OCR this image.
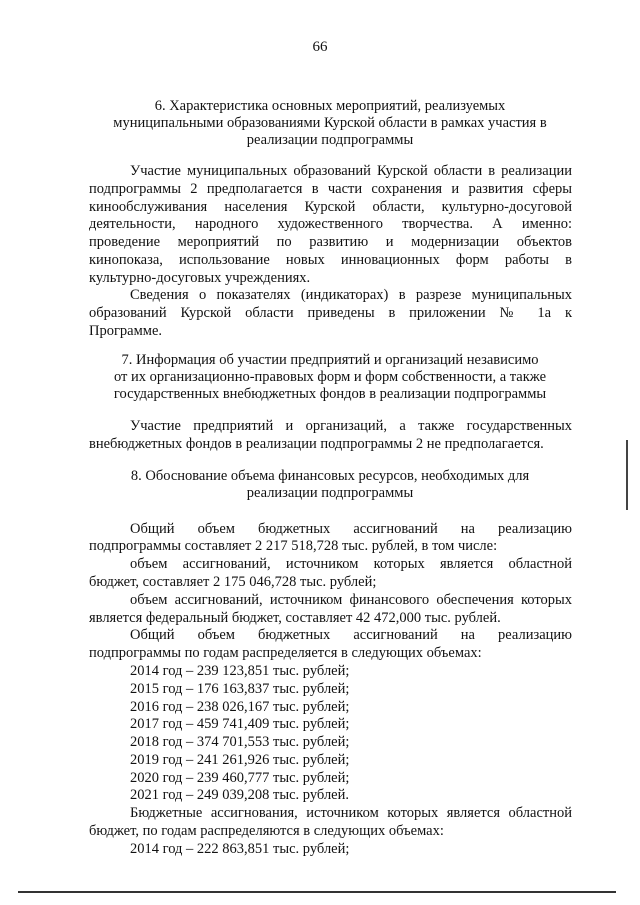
66
6. Характеристика основных мероприятий, реализуемых
муниципальными образованиями Курской области в рамках участия в
реализации подпрограммы
Участие муниципальных образований Курской области в реализации
подпрограммы 2 предполагается в части сохранения и развития сферы
кинообслуживания населения Курской области, культурно-досуговой
деятельности, народного художественного творчества. А именно:
проведение мероприятий по развитию и модернизации объектов
кинопоказа, использование новых инновационных форм работы в
культурно-досуговых учреждениях.
Сведения о показателях (индикаторах) в разрезе муниципальных
образований Курской области приведены в приложении № 1а к
Программе.
7. Информация об участии предприятий и организаций независимо
от их организационно-правовых форм и форм собственности, а также
государственных внебюджетных фондов в реализации подпрограммы
Участие предприятий и организаций, а также государственных
внебюджетных фондов в реализации подпрограммы 2 не предполагается.
8. Обоснование объема финансовых ресурсов, необходимых для
реализации подпрограммы
Общий объем бюджетных ассигнований на реализацию
подпрограммы составляет 2 217 518,728 тыс. рублей, в том числе:
объем ассигнований, источником которых является областной
бюджет, составляет 2 175 046,728 тыс. рублей;
объем ассигнований, источником финансового обеспечения которых
является федеральный бюджет, составляет 42 472,000 тыс. рублей.
Общий объем бюджетных ассигнований на реализацию
подпрограммы по годам распределяется в следующих объемах:
2014 год – 239 123,851 тыс. рублей;
2015 год – 176 163,837 тыс. рублей;
2016 год – 238 026,167 тыс. рублей;
2017 год – 459 741,409 тыс. рублей;
2018 год – 374 701,553 тыс. рублей;
2019 год – 241 261,926 тыс. рублей;
2020 год – 239 460,777 тыс. рублей;
2021 год – 249 039,208 тыс. рублей.
Бюджетные ассигнования, источником которых является областной
бюджет, по годам распределяются в следующих объемах:
2014 год – 222 863,851 тыс. рублей;
